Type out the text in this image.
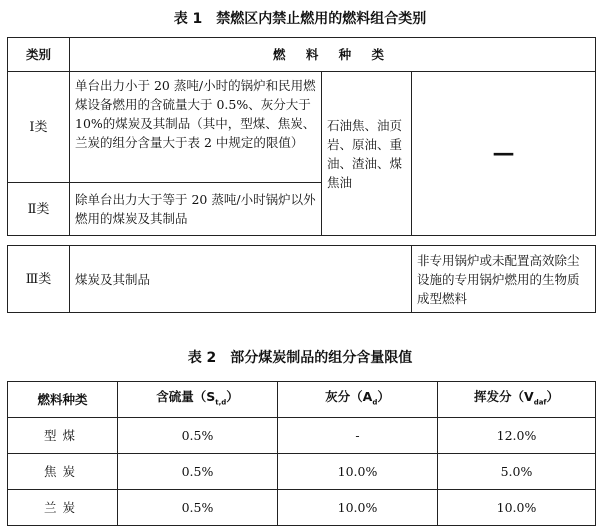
表 1　禁燃区内禁止燃用的燃料组合类别
类别	燃 料 种 类		
Ⅰ类	单台出力小于 20 蒸吨/小时的锅炉和民用燃煤设备燃用的含硫量大于 0.5%、灰分大于 10%的煤炭及其制品（其中，型煤、焦炭、兰炭的组分含量大于表 2 中规定的限值）	石油焦、油页岩、原油、重油、渣油、煤焦油	—
Ⅱ类	除单台出力大于等于 20 蒸吨/小时锅炉以外燃用的煤炭及其制品		

Ⅲ类	煤炭及其制品		非专用锅炉或未配置高效除尘设施的专用锅炉燃用的生物质成型燃料
表 2　部分煤炭制品的组分含量限值
燃料种类	含硫量$(S_{t,d})$	灰分$(A_d)$	挥发分$(V_{daf})$
型煤	0.5%	-	12.0%
焦炭	0.5%	10.0%	5.0%
兰炭	0.5%	10.0%	10.0%
